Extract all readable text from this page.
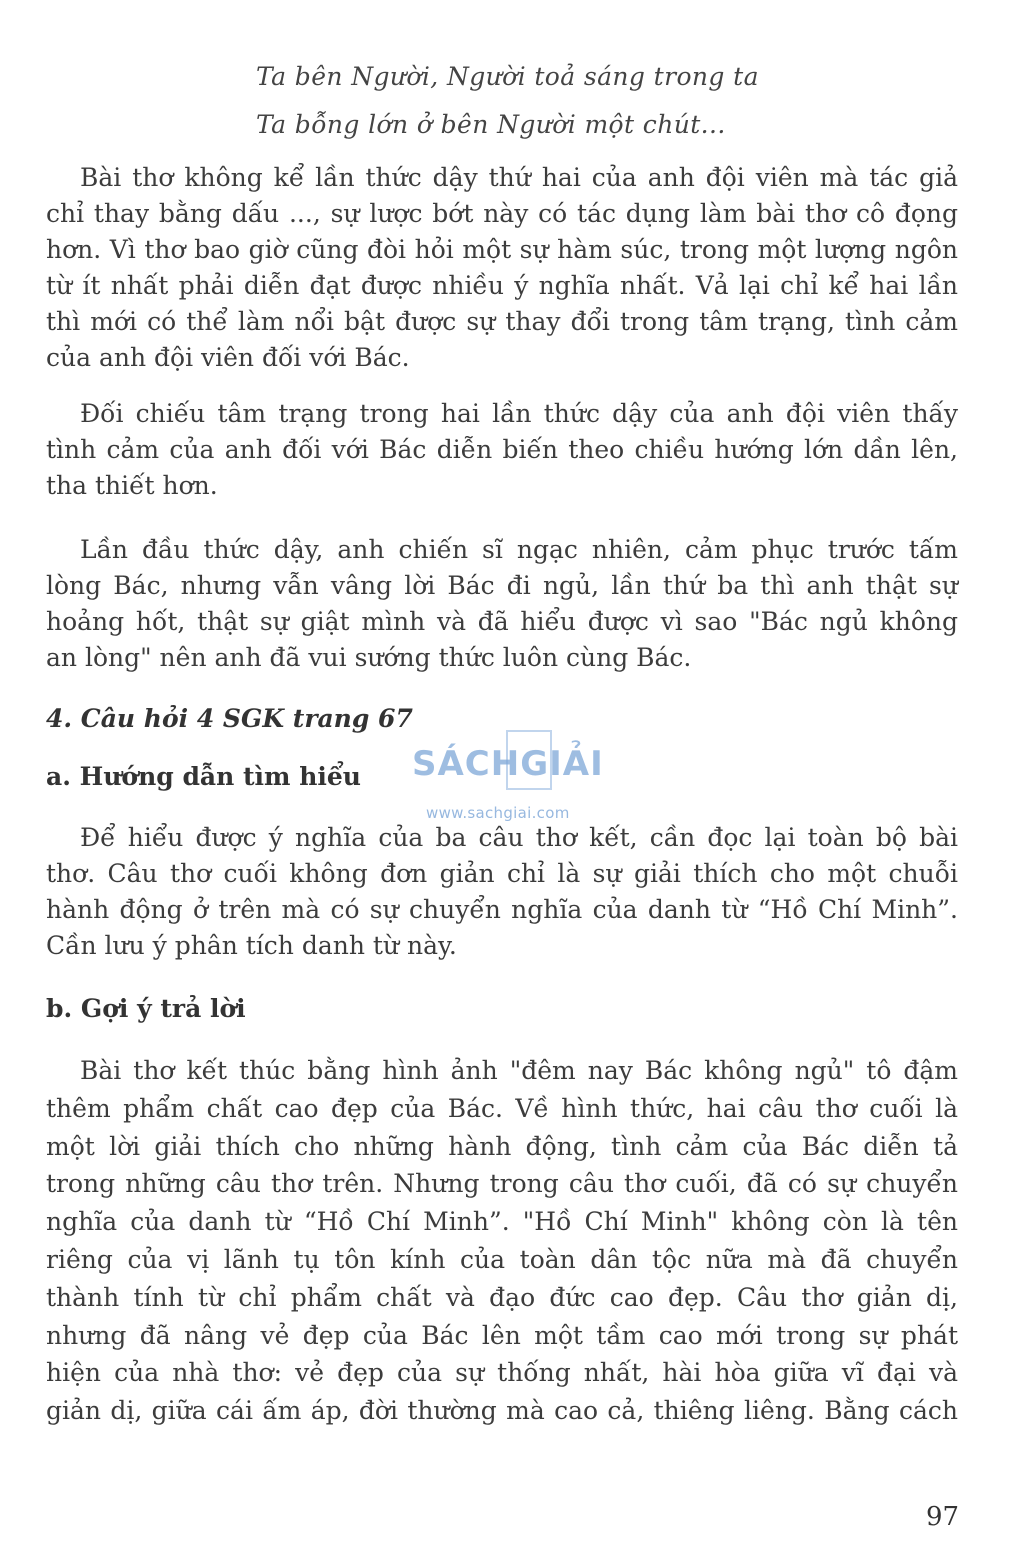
Ta bên Người, Người toả sáng trong ta
Ta bỗng lớn ở bên Người một chút...
Bài thơ không kể lần thức dậy thứ hai của anh đội viên mà tác giả
chỉ thay bằng dấu ..., sự lược bớt này có tác dụng làm bài thơ cô đọng
hơn. Vì thơ bao giờ cũng đòi hỏi một sự hàm súc, trong một lượng ngôn
từ ít nhất phải diễn đạt được nhiều ý nghĩa nhất. Vả lại chỉ kể hai lần
thì mới có thể làm nổi bật được sự thay đổi trong tâm trạng, tình cảm
của anh đội viên đối với Bác.
Đối chiếu tâm trạng trong hai lần thức dậy của anh đội viên thấy
tình cảm của anh đối với Bác diễn biến theo chiều hướng lớn dần lên,
tha thiết hơn.
Lần đầu thức dậy, anh chiến sĩ ngạc nhiên, cảm phục trước tấm
lòng Bác, nhưng vẫn vâng lời Bác đi ngủ, lần thứ ba thì anh thật sự
hoảng hốt, thật sự giật mình và đã hiểu được vì sao "Bác ngủ không
an lòng" nên anh đã vui sướng thức luôn cùng Bác.
4. Câu hỏi 4 SGK trang 67
SÁCHGIẢI
www.sachgiai.com
a. Hướng dẫn tìm hiểu
Để hiểu được ý nghĩa của ba câu thơ kết, cần đọc lại toàn bộ bài
thơ. Câu thơ cuối không đơn giản chỉ là sự giải thích cho một chuỗi
hành động ở trên mà có sự chuyển nghĩa của danh từ “Hồ Chí Minh”.
Cần lưu ý phân tích danh từ này.
b. Gợi ý trả lời
Bài thơ kết thúc bằng hình ảnh "đêm nay Bác không ngủ" tô đậm
thêm phẩm chất cao đẹp của Bác. Về hình thức, hai câu thơ cuối là
một lời giải thích cho những hành động, tình cảm của Bác diễn tả
trong những câu thơ trên. Nhưng trong câu thơ cuối, đã có sự chuyển
nghĩa của danh từ “Hồ Chí Minh”. "Hồ Chí Minh" không còn là tên
riêng của vị lãnh tụ tôn kính của toàn dân tộc nữa mà đã chuyển
thành tính từ chỉ phẩm chất và đạo đức cao đẹp. Câu thơ giản dị,
nhưng đã nâng vẻ đẹp của Bác lên một tầm cao mới trong sự phát
hiện của nhà thơ: vẻ đẹp của sự thống nhất, hài hòa giữa vĩ đại và
giản dị, giữa cái ấm áp, đời thường mà cao cả, thiêng liêng. Bằng cách
97
